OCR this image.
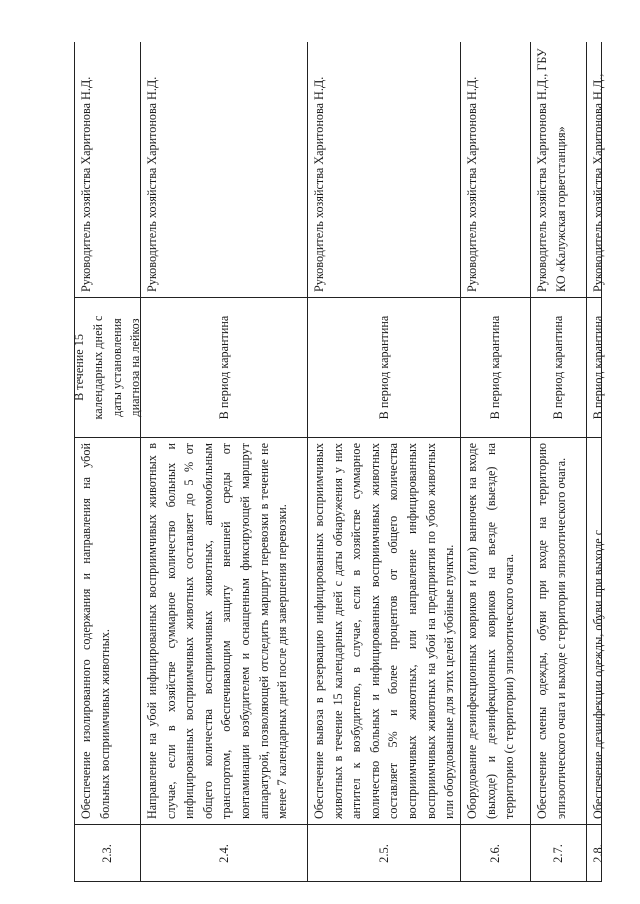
2.3.
Обеспечение изолированного содержания и направления на убой больных восприимчивых животных.
В течение 15 календарных дней с даты установления диагноза на лейкоз
Руководитель хозяйства Харитонова Н.Д.
2.4.
Направление на убой инфицированных восприимчивых животных в случае, если в хозяйстве суммарное количество больных и инфицированных восприимчивых животных составляет до 5 % от общего количества восприимчивых животных, автомобильным транспортом, обеспечивающим защиту внешней среды от контаминации возбудителем и оснащенным фиксирующей маршрут аппаратурой, позволяющей отследить маршрут перевозки в течение не менее 7 календарных дней после дня завершения перевозки.
В период карантина
Руководитель хозяйства Харитонова Н.Д.
2.5.
Обеспечение вывоза в резервацию инфицированных восприимчивых животных в течение 15 календарных дней с даты обнаружения у них антител к возбудителю, в случае, если в хозяйстве суммарное количество больных и инфицированных восприимчивых животных составляет 5% и более процентов от общего количества восприимчивых животных, или направление инфицированных восприимчивых животных на убой на предприятия по убою животных или оборудованные для этих целей убойные пункты.
В период карантина
Руководитель хозяйства Харитонова Н.Д.
2.6.
Оборудование дезинфекционных ковриков и (или) ванночек на входе (выходе) и дезинфекционных ковриков на въезде (выезде) на территорию (с территории) эпизоотического очага.
В период карантина
Руководитель хозяйства Харитонова Н.Д.
2.7.
Обеспечение смены одежды, обуви при входе на территорию эпизоотического очага и выходе с территории эпизоотического очага.
В период карантина
Руководитель хозяйства Харитонова Н.Д., ГБУ КО «Калужская горветстанция»
2.8.
Обеспечение дезинфекции одежды, обуви при выходе с
В период карантина
Руководитель хозяйства Харитонова Н.Д.,
